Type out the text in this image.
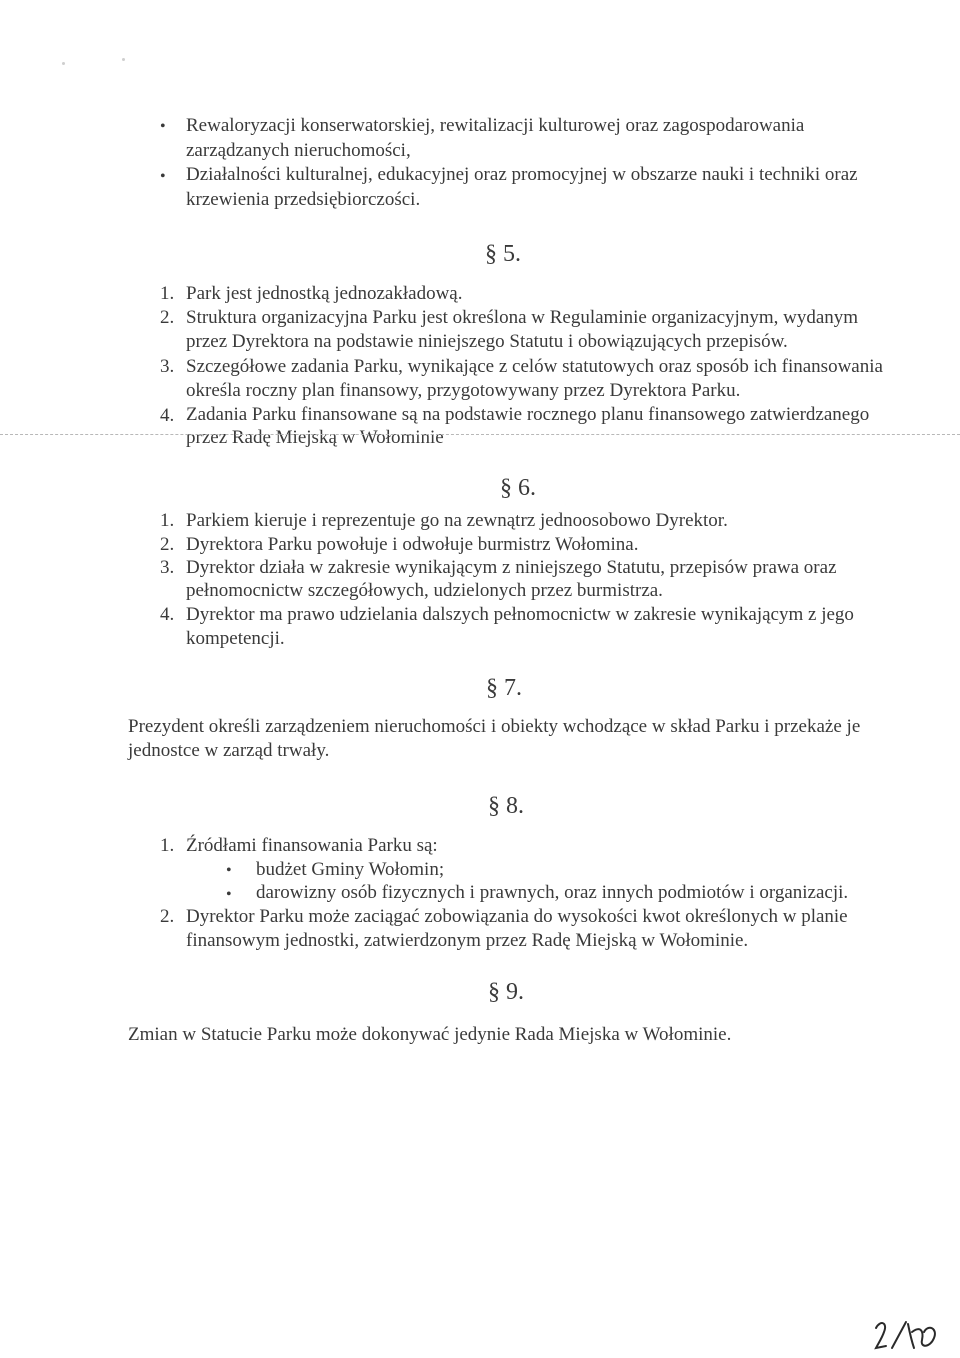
• Rewaloryzacji konserwatorskiej, rewitalizacji kulturowej oraz zagospodarowania
zarządzanych nieruchomości,
• Działalności kulturalnej, edukacyjnej oraz promocyjnej w obszarze nauki i techniki oraz
krzewienia przedsiębiorczości.
§ 5.
1. Park jest jednostką jednozakładową.
2. Struktura organizacyjna Parku jest określona w Regulaminie organizacyjnym, wydanym
przez Dyrektora na podstawie niniejszego Statutu i obowiązujących przepisów.
3. Szczegółowe zadania Parku, wynikające z celów statutowych oraz sposób ich finansowania
określa roczny plan finansowy, przygotowywany przez Dyrektora Parku.
4. Zadania Parku finansowane są na podstawie rocznego planu finansowego zatwierdzanego
przez Radę Miejską w Wołominie
§ 6.
1. Parkiem kieruje i reprezentuje go na zewnątrz jednoosobowo Dyrektor.
2. Dyrektora Parku powołuje i odwołuje burmistrz Wołomina.
3. Dyrektor działa w zakresie wynikającym z niniejszego Statutu, przepisów prawa oraz
pełnomocnictw szczegółowych, udzielonych przez burmistrza.
4. Dyrektor ma prawo udzielania dalszych pełnomocnictw w zakresie wynikającym z jego
kompetencji.
§ 7.
Prezydent określi zarządzeniem nieruchomości i obiekty wchodzące w skład Parku i przekaże je
jednostce w zarząd trwały.
§ 8.
1. Źródłami finansowania Parku są:
• budżet Gminy Wołomin;
• darowizny osób fizycznych i prawnych, oraz innych podmiotów i organizacji.
2. Dyrektor Parku może zaciągać zobowiązania do wysokości kwot określonych w planie
finansowym jednostki, zatwierdzonym przez Radę Miejską w Wołominie.
§ 9.
Zmian w Statucie Parku może dokonywać jedynie Rada Miejska w Wołominie.
